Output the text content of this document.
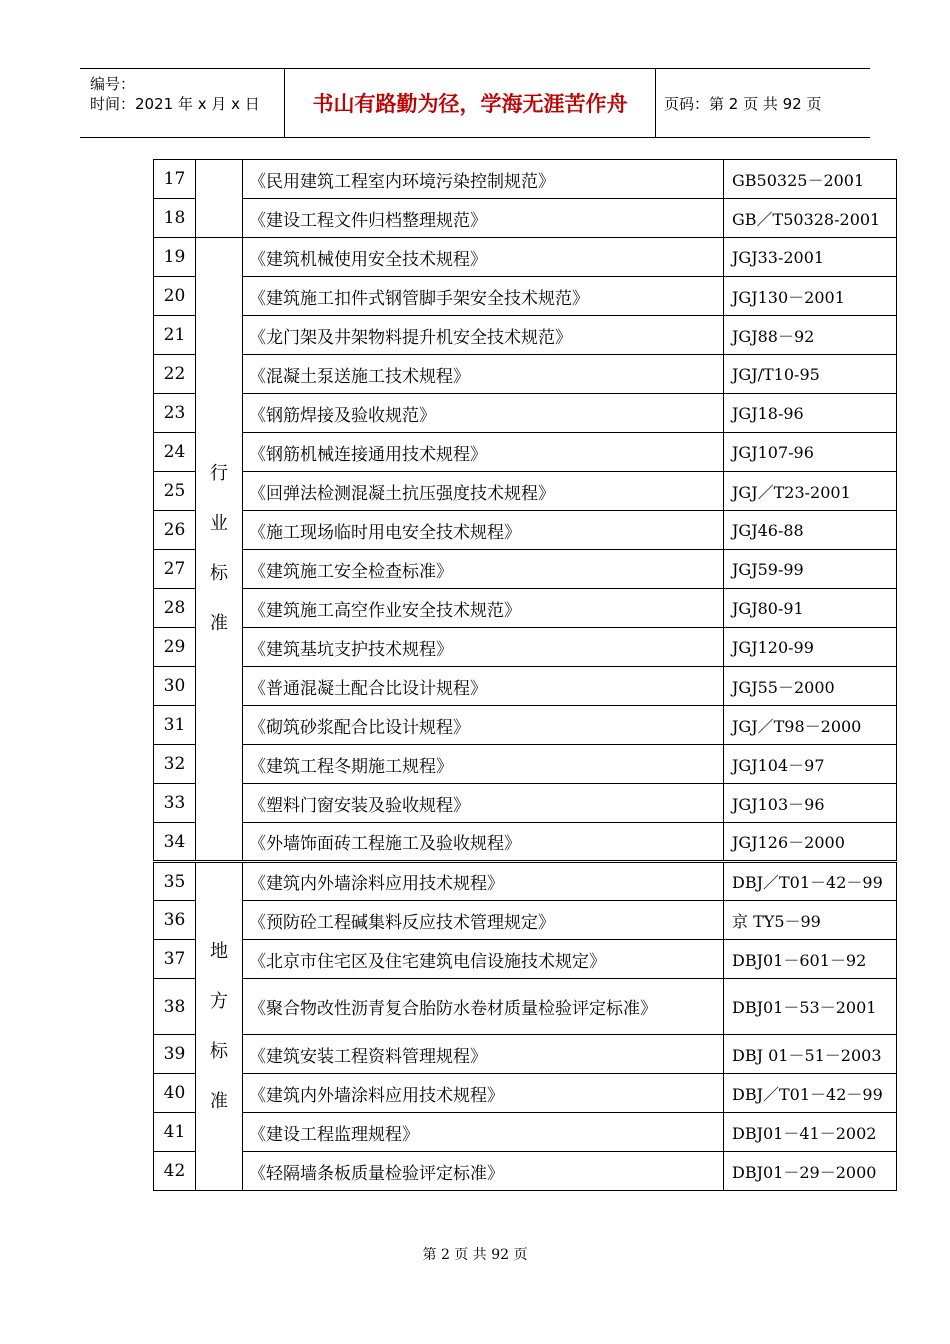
编号：
时间：2021 年 x 月 x 日	书山有路勤为径，学海无涯苦作舟	页码：第 2 页 共 92 页
17		《民用建筑工程室内环境污染控制规范》	GB50325－2001
18		《建设工程文件归档整理规范》	GB／T50328-2001
19	行业标准	《建筑机械使用安全技术规程》	JGJ33-2001
20		《建筑施工扣件式钢管脚手架安全技术规范》	JGJ130－2001
21		《龙门架及井架物料提升机安全技术规范》	JGJ88－92
22		《混凝土泵送施工技术规程》	JGJ/T10-95
23		《钢筋焊接及验收规范》	JGJ18-96
24		《钢筋机械连接通用技术规程》	JGJ107-96
25		《回弹法检测混凝土抗压强度技术规程》	JGJ／T23-2001
26		《施工现场临时用电安全技术规程》	JGJ46-88
27		《建筑施工安全检查标准》	JGJ59-99
28		《建筑施工高空作业安全技术规范》	JGJ80-91
29		《建筑基坑支护技术规程》	JGJ120-99
30		《普通混凝土配合比设计规程》	JGJ55－2000
31		《砌筑砂浆配合比设计规程》	JGJ／T98－2000
32		《建筑工程冬期施工规程》	JGJ104－97
33		《塑料门窗安装及验收规程》	JGJ103－96
34		《外墙饰面砖工程施工及验收规程》	JGJ126－2000
35	地方标准	《建筑内外墙涂料应用技术规程》	DBJ／T01－42－99
36		《预防砼工程碱集料反应技术管理规定》	京 TY5－99
37		《北京市住宅区及住宅建筑电信设施技术规定》	DBJ01－601－92
38		《聚合物改性沥青复合胎防水卷材质量检验评定标准》	DBJ01－53－2001
39		《建筑安装工程资料管理规程》	DBJ 01－51－2003
40		《建筑内外墙涂料应用技术规程》	DBJ／T01－42－99
41		《建设工程监理规程》	DBJ01－41－2002
42		《轻隔墙条板质量检验评定标准》	DBJ01－29－2000
第 2 页 共 92 页
